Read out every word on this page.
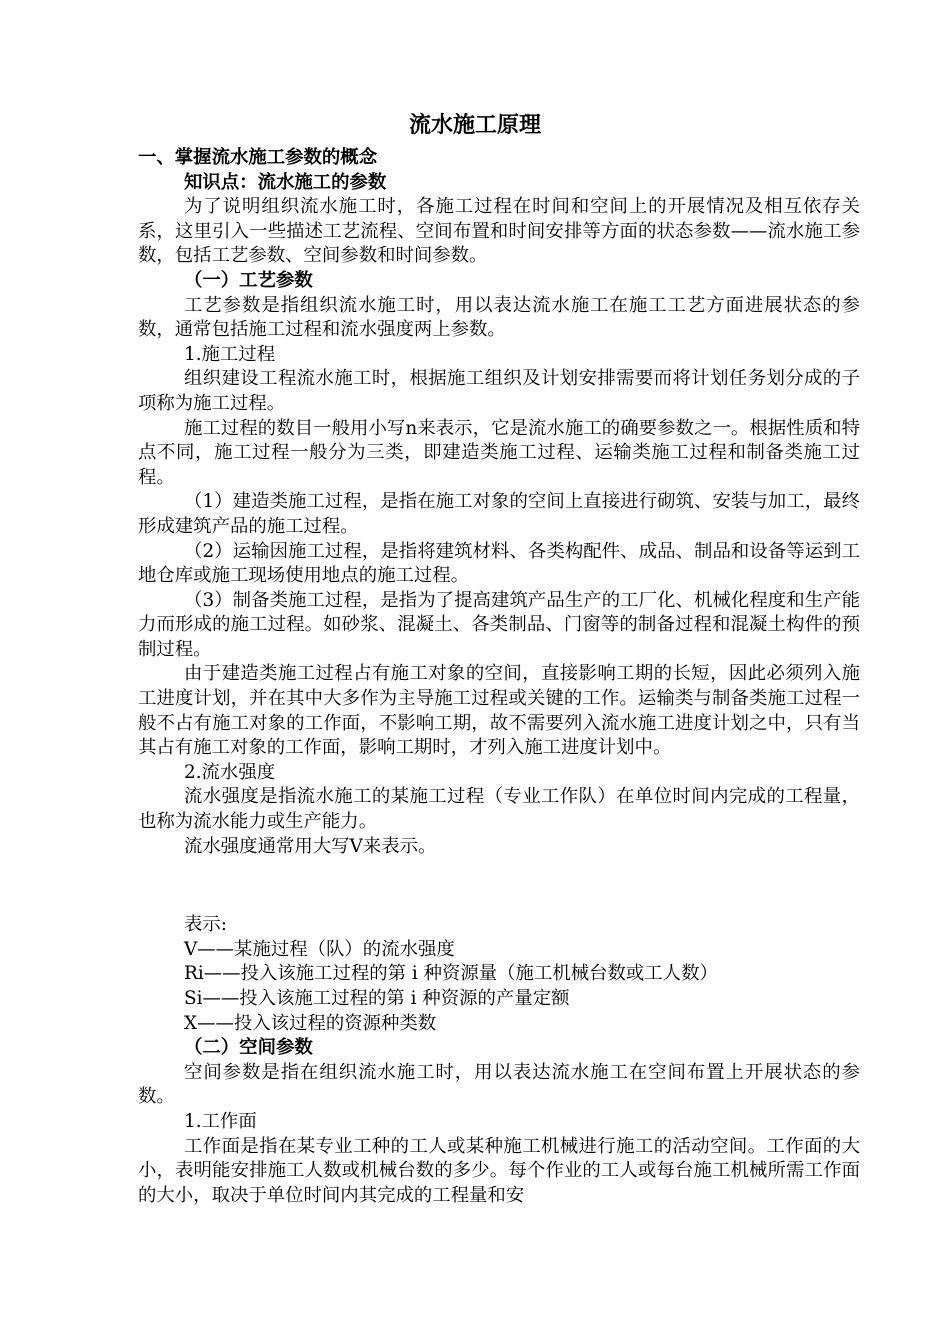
流水施工原理

一、掌握流水施工参数的概念

知识点：流水施工的参数

为了说明组织流水施工时，各施工过程在时间和空间上的开展情况及相互依存关系，这里引入一些描述工艺流程、空间布置和时间安排等方面的状态参数——流水施工参数，包括工艺参数、空间参数和时间参数。

（一）工艺参数

工艺参数是指组织流水施工时，用以表达流水施工在施工工艺方面进展状态的参数，通常包括施工过程和流水强度两上参数。

1.施工过程

组织建设工程流水施工时，根据施工组织及计划安排需要而将计划任务划分成的子项称为施工过程。

施工过程的数目一般用小写n来表示，它是流水施工的确要参数之一。根据性质和特点不同，施工过程一般分为三类，即建造类施工过程、运输类施工过程和制备类施工过程。

（1）建造类施工过程，是指在施工对象的空间上直接进行砌筑、安装与加工，最终形成建筑产品的施工过程。

（2）运输因施工过程，是指将建筑材料、各类构配件、成品、制品和设备等运到工地仓库或施工现场使用地点的施工过程。

（3）制备类施工过程，是指为了提高建筑产品生产的工厂化、机械化程度和生产能力而形成的施工过程。如砂浆、混凝土、各类制品、门窗等的制备过程和混凝土构件的预制过程。

由于建造类施工过程占有施工对象的空间，直接影响工期的长短，因此必须列入施工进度计划，并在其中大多作为主导施工过程或关键的工作。运输类与制备类施工过程一般不占有施工对象的工作面，不影响工期，故不需要列入流水施工进度计划之中，只有当其占有施工对象的工作面，影响工期时，才列入施工进度计划中。

2.流水强度

流水强度是指流水施工的某施工过程（专业工作队）在单位时间内完成的工程量，也称为流水能力或生产能力。

流水强度通常用大写V来表示。

表示:

V——某施过程（队）的流水强度

Ri——投入该施工过程的第 i 种资源量（施工机械台数或工人数）

Si——投入该施工过程的第 i 种资源的产量定额

X——投入该过程的资源种类数

（二）空间参数

空间参数是指在组织流水施工时，用以表达流水施工在空间布置上开展状态的参数。

1.工作面

工作面是指在某专业工种的工人或某种施工机械进行施工的活动空间。工作面的大小，表明能安排施工人数或机械台数的多少。每个作业的工人或每台施工机械所需工作面的大小，取决于单位时间内其完成的工程量和安
